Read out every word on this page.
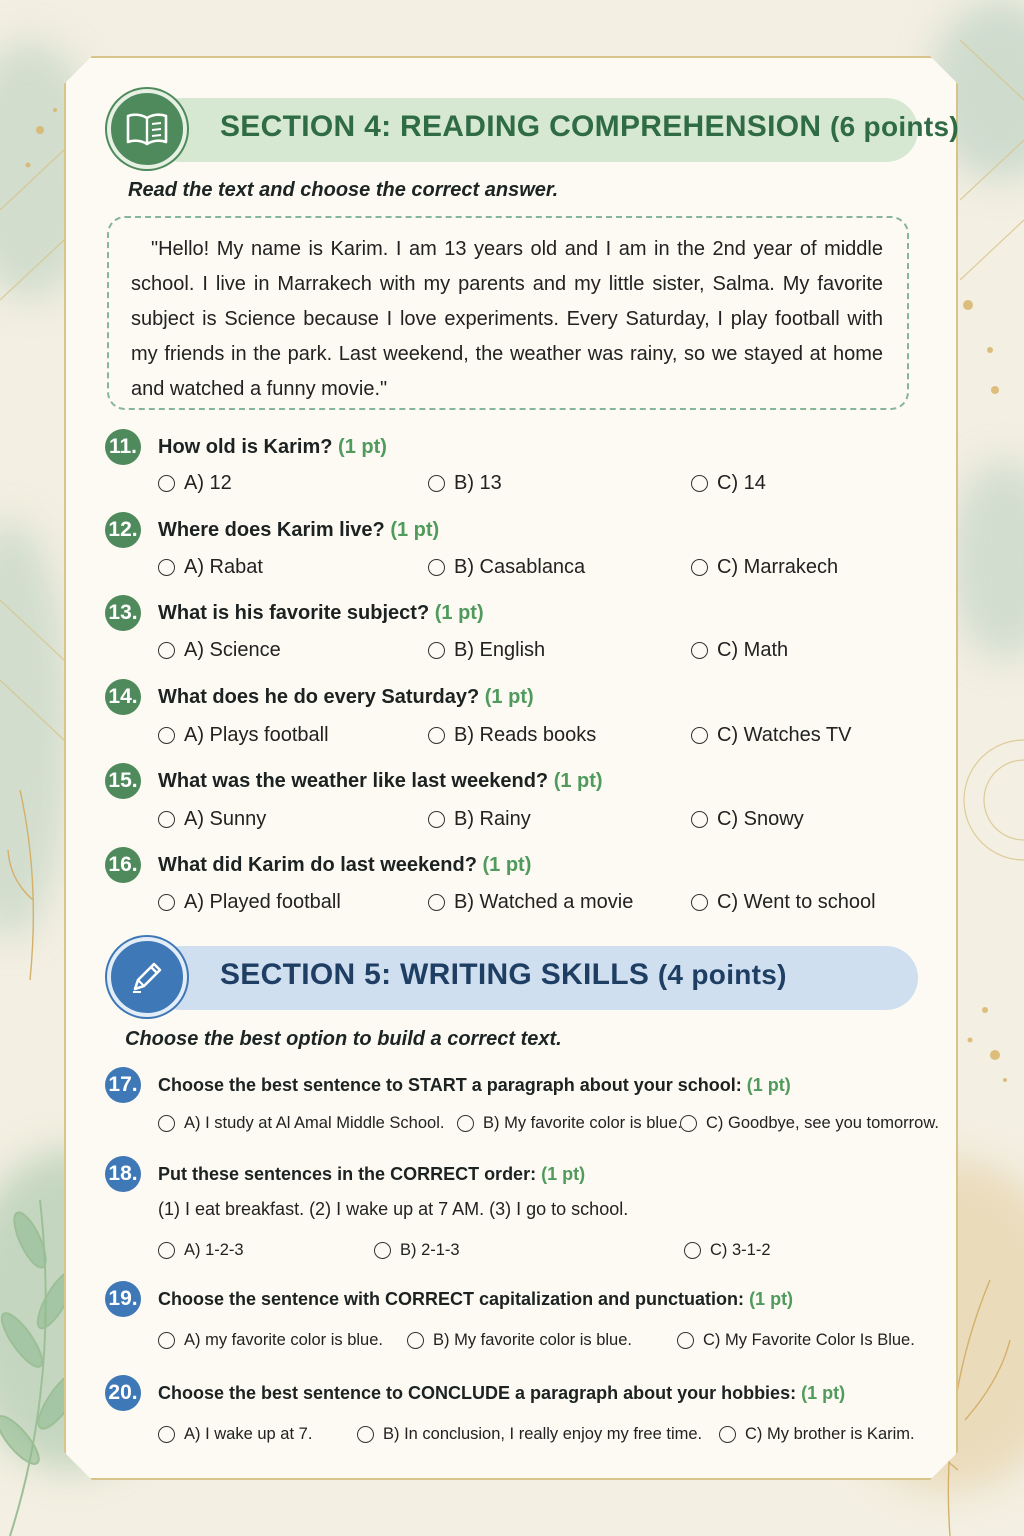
SECTION 4: READING COMPREHENSION (6 points)
Read the text and choose the correct answer.
"Hello! My name is Karim. I am 13 years old and I am in the 2nd year of middle school. I live in Marrakech with my parents and my little sister, Salma. My favorite subject is Science because I love experiments. Every Saturday, I play football with my friends in the park. Last weekend, the weather was rainy, so we stayed at home and watched a funny movie."
11. How old is Karim? (1 pt)
A) 12	B) 13	C) 14
12. Where does Karim live? (1 pt)
A) Rabat	B) Casablanca	C) Marrakech
13. What is his favorite subject? (1 pt)
A) Science	B) English	C) Math
14. What does he do every Saturday? (1 pt)
A) Plays football	B) Reads books	C) Watches TV
15. What was the weather like last weekend? (1 pt)
A) Sunny	B) Rainy	C) Snowy
16. What did Karim do last weekend? (1 pt)
A) Played football	B) Watched a movie	C) Went to school
SECTION 5: WRITING SKILLS (4 points)
Choose the best option to build a correct text.
17. Choose the best sentence to START a paragraph about your school: (1 pt)
A) I study at Al Amal Middle School. B) My favorite color is blue. C) Goodbye, see you tomorrow.
18. Put these sentences in the CORRECT order: (1 pt)
(1) I eat breakfast. (2) I wake up at 7 AM. (3) I go to school.
A) 1-2-3	B) 2-1-3	C) 3-1-2
19. Choose the sentence with CORRECT capitalization and punctuation: (1 pt)
A) my favorite color is blue.	B) My favorite color is blue.	C) My Favorite Color Is Blue.
20. Choose the best sentence to CONCLUDE a paragraph about your hobbies: (1 pt)
A) I wake up at 7.	B) In conclusion, I really enjoy my free time.	C) My brother is Karim.
